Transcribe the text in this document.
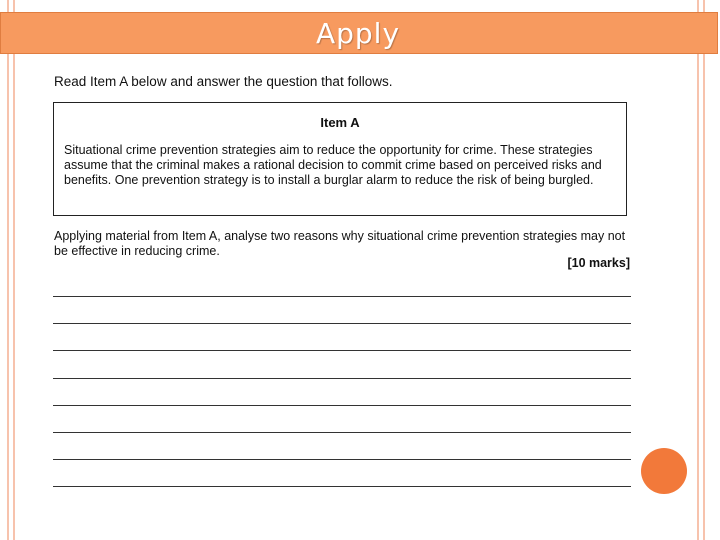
Apply
Read Item A below and answer the question that follows.
Item A
Situational crime prevention strategies aim to reduce the opportunity for crime. These strategies assume that the criminal makes a rational decision to commit crime based on perceived risks and benefits. One prevention strategy is to install a burglar alarm to reduce the risk of being burgled.
Applying material from Item A, analyse two reasons why situational crime prevention strategies may not be effective in reducing crime.
[10 marks]
